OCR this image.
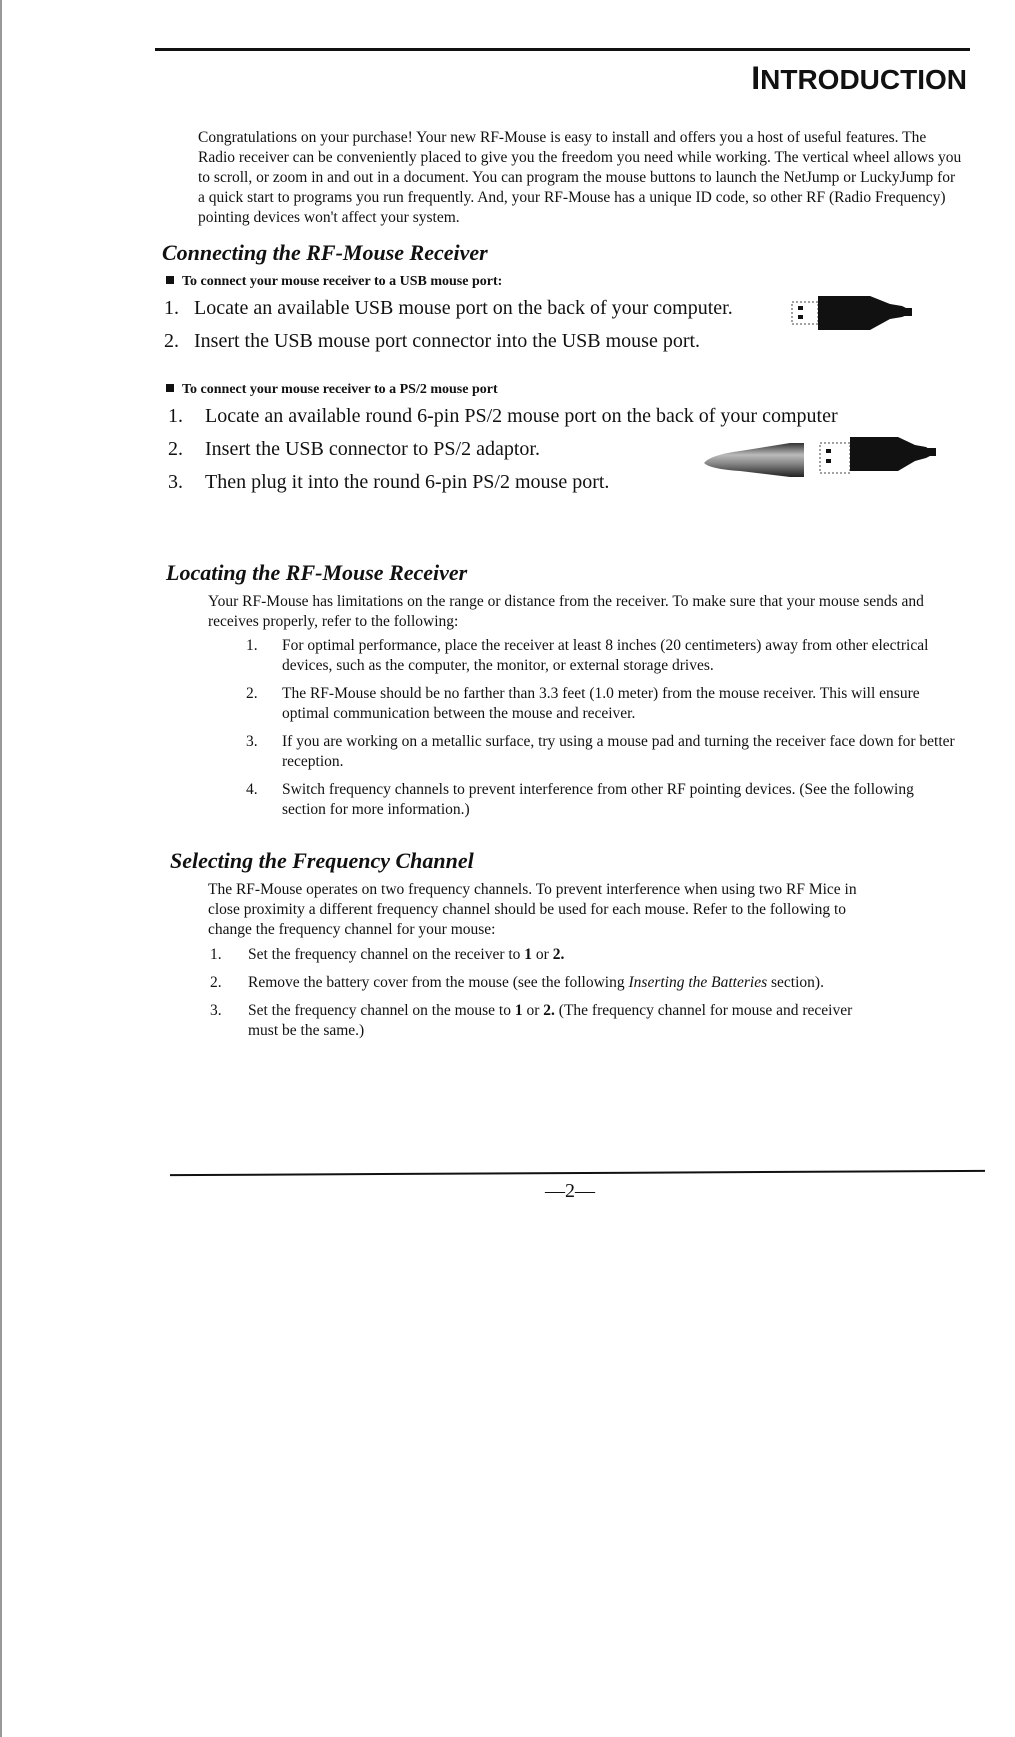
INTRODUCTION
Congratulations on your purchase! Your new RF-Mouse is easy to install and offers you a host of useful features. The Radio receiver can be conveniently placed to give you the freedom you need while working. The vertical wheel allows you to scroll, or zoom in and out in a document. You can program the mouse buttons to launch the NetJump or LuckyJump for a quick start to programs you run frequently. And, your RF-Mouse has a unique ID code, so other RF (Radio Frequency) pointing devices won't affect your system.
Connecting the RF-Mouse Receiver
To connect your mouse receiver to a USB mouse port:
1. Locate an available USB mouse port on the back of your computer.
2. Insert the USB mouse port connector into the USB mouse port.
To connect your mouse receiver to a PS/2 mouse port
1.	Locate an available round 6-pin PS/2 mouse port on the back of your computer
2.	Insert the USB connector to PS/2 adaptor.
3.	Then plug it into the round 6-pin PS/2 mouse port.
Locating the RF-Mouse Receiver
Your RF-Mouse has limitations on the range or distance from the receiver. To make sure that your mouse sends and receives properly, refer to the following:
1.	For optimal performance, place the receiver at least 8 inches (20 centimeters) away from other electrical devices, such as the computer, the monitor, or external storage drives.
2.	The RF-Mouse should be no farther than 3.3 feet (1.0 meter) from the mouse receiver. This will ensure optimal communication between the mouse and receiver.
3.	If you are working on a metallic surface, try using a mouse pad and turning the receiver face down for better reception.
4.	Switch frequency channels to prevent interference from other RF pointing devices. (See the following section for more information.)
Selecting the Frequency Channel
The RF-Mouse operates on two frequency channels. To prevent interference when using two RF Mice in close proximity a different frequency channel should be used for each mouse. Refer to the following to change the frequency channel for your mouse:
1.	Set the frequency channel on the receiver to 1 or 2.
2.	Remove the battery cover from the mouse (see the following Inserting the Batteries section).
3.	Set the frequency channel on the mouse to 1 or 2. (The frequency channel for mouse and receiver must be the same.)
—2—
